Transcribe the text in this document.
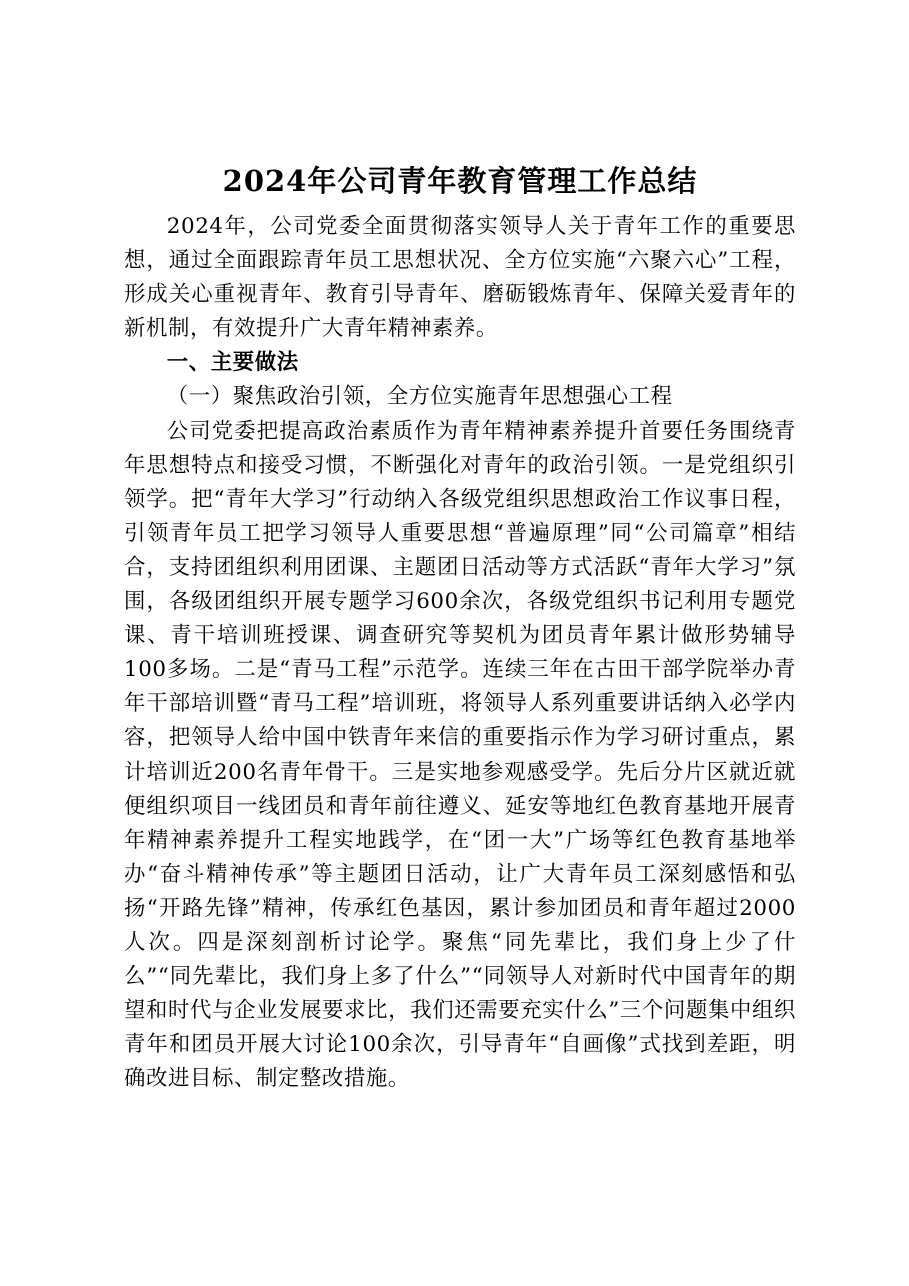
2024年公司青年教育管理工作总结

2024年，公司党委全面贯彻落实领导人关于青年工作的重要思想，通过全面跟踪青年员工思想状况、全方位实施“六聚六心”工程，形成关心重视青年、教育引导青年、磨砺锻炼青年、保障关爱青年的新机制，有效提升广大青年精神素养。

一、主要做法

（一）聚焦政治引领，全方位实施青年思想强心工程

公司党委把提高政治素质作为青年精神素养提升首要任务围绕青年思想特点和接受习惯，不断强化对青年的政治引领。一是党组织引领学。把“青年大学习”行动纳入各级党组织思想政治工作议事日程，引领青年员工把学习领导人重要思想“普遍原理”同“公司篇章”相结合，支持团组织利用团课、主题团日活动等方式活跃“青年大学习”氛围，各级团组织开展专题学习600余次，各级党组织书记利用专题党课、青干培训班授课、调查研究等契机为团员青年累计做形势辅导100多场。二是“青马工程”示范学。连续三年在古田干部学院举办青年干部培训暨“青马工程”培训班，将领导人系列重要讲话纳入必学内容，把领导人给中国中铁青年来信的重要指示作为学习研讨重点，累计培训近200名青年骨干。三是实地参观感受学。先后分片区就近就便组织项目一线团员和青年前往遵义、延安等地红色教育基地开展青年精神素养提升工程实地践学，在“团一大”广场等红色教育基地举办“奋斗精神传承”等主题团日活动，让广大青年员工深刻感悟和弘扬“开路先锋”精神，传承红色基因，累计参加团员和青年超过2000人次。四是深刻剖析讨论学。聚焦“同先辈比，我们身上少了什么”“同先辈比，我们身上多了什么”“同领导人对新时代中国青年的期望和时代与企业发展要求比，我们还需要充实什么”三个问题集中组织青年和团员开展大讨论100余次，引导青年“自画像”式找到差距，明确改进目标、制定整改措施。
